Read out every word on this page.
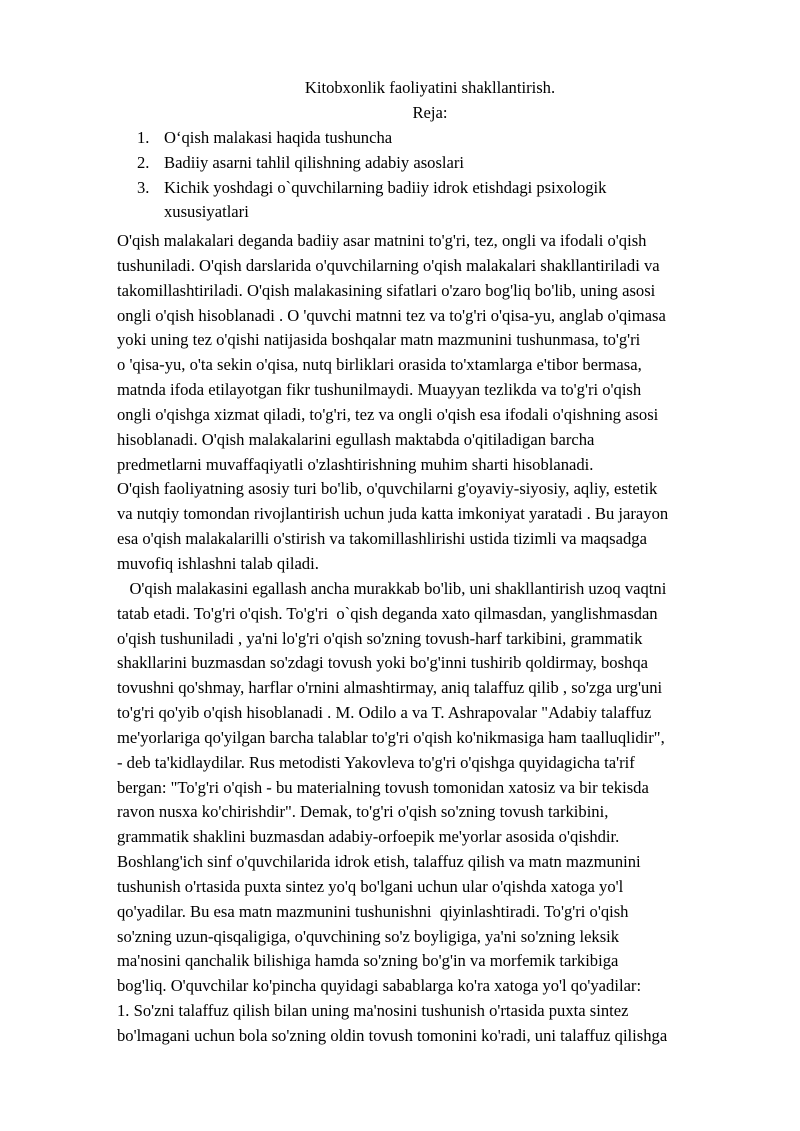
Kitobxonlik faoliyatini shakllantirish.
Reja:
1. O‘qish malakasi haqida tushuncha
2. Badiiy asarni tahlil qilishning adabiy asoslari
3. Kichik yoshdagi o`quvchilarning badiiy idrok etishdagi psixologik
xususiyatlari
O'qish malakalari deganda badiiy asar matnini to'g'ri, tez, ongli va ifodali o'qish
tushuniladi. O'qish darslarida o'quvchilarning o'qish malakalari shakllantiriladi va
takomillashtiriladi. O'qish malakasining sifatlari o'zaro bog'liq bo'lib, uning asosi
ongli o'qish hisoblanadi . O 'quvchi matnni tez va to'g'ri o'qisa-yu, anglab o'qimasa
yoki uning tez o'qishi natijasida boshqalar matn mazmunini tushunmasa, to'g'ri
o 'qisa-yu, o'ta sekin o'qisa, nutq birliklari orasida to'xtamlarga e'tibor bermasa,
matnda ifoda etilayotgan fikr tushunilmaydi. Muayyan tezlikda va to'g'ri o'qish
ongli o'qishga xizmat qiladi, to'g'ri, tez va ongli o'qish esa ifodali o'qishning asosi
hisoblanadi. O'qish malakalarini egullash maktabda o'qitiladigan barcha
predmetlarni muvaffaqiyatli o'zlashtirishning muhim sharti hisoblanadi.
O'qish faoliyatning asosiy turi bo'lib, o'quvchilarni g'oyaviy-siyosiy, aqliy, estetik
va nutqiy tomondan rivojlantirish uchun juda katta imkoniyat yaratadi . Bu jarayon
esa o'qish malakalarilli o'stirish va takomillashlirishi ustida tizimli va maqsadga
muvofiq ishlashni talab qiladi.
O'qish malakasini egallash ancha murakkab bo'lib, uni shakllantirish uzoq vaqtni
tatab etadi. To'g'ri o'qish. To'g'ri  o`qish deganda xato qilmasdan, yanglishmasdan
o'qish tushuniladi , ya'ni lo'g'ri o'qish so'zning tovush-harf tarkibini, grammatik
shakllarini buzmasdan so'zdagi tovush yoki bo'g'inni tushirib qoldirmay, boshqa
tovushni qo'shmay, harflar o'rnini almashtirmay, aniq talaffuz qilib , so'zga urg'uni
to'g'ri qo'yib o'qish hisoblanadi . M. Odilo a va T. Ashrapovalar "Adabiy talaffuz
me'yorlariga qo'yilgan barcha talablar to'g'ri o'qish ko'nikmasiga ham taalluqlidir",
- deb ta'kidlaydilar. Rus metodisti Yakovleva to'g'ri o'qishga quyidagicha ta'rif
bergan: "To'g'ri o'qish - bu materialning tovush tomonidan xatosiz va bir tekisda
ravon nusxa ko'chirishdir". Demak, to'g'ri o'qish so'zning tovush tarkibini,
grammatik shaklini buzmasdan adabiy-orfoepik me'yorlar asosida o'qishdir.
Boshlang'ich sinf o'quvchilarida idrok etish, talaffuz qilish va matn mazmunini
tushunish o'rtasida puxta sintez yo'q bo'lgani uchun ular o'qishda xatoga yo'l
qo'yadilar. Bu esa matn mazmunini tushunishni  qiyinlashtiradi. To'g'ri o'qish
so'zning uzun-qisqaligiga, o'quvchining so'z boyligiga, ya'ni so'zning leksik
ma'nosini qanchalik bilishiga hamda so'zning bo'g'in va morfemik tarkibiga
bog'liq. O'quvchilar ko'pincha quyidagi sabablarga ko'ra xatoga yo'l qo'yadilar:
1. So'zni talaffuz qilish bilan uning ma'nosini tushunish o'rtasida puxta sintez
bo'lmagani uchun bola so'zning oldin tovush tomonini ko'radi, uni talaffuz qilishga
